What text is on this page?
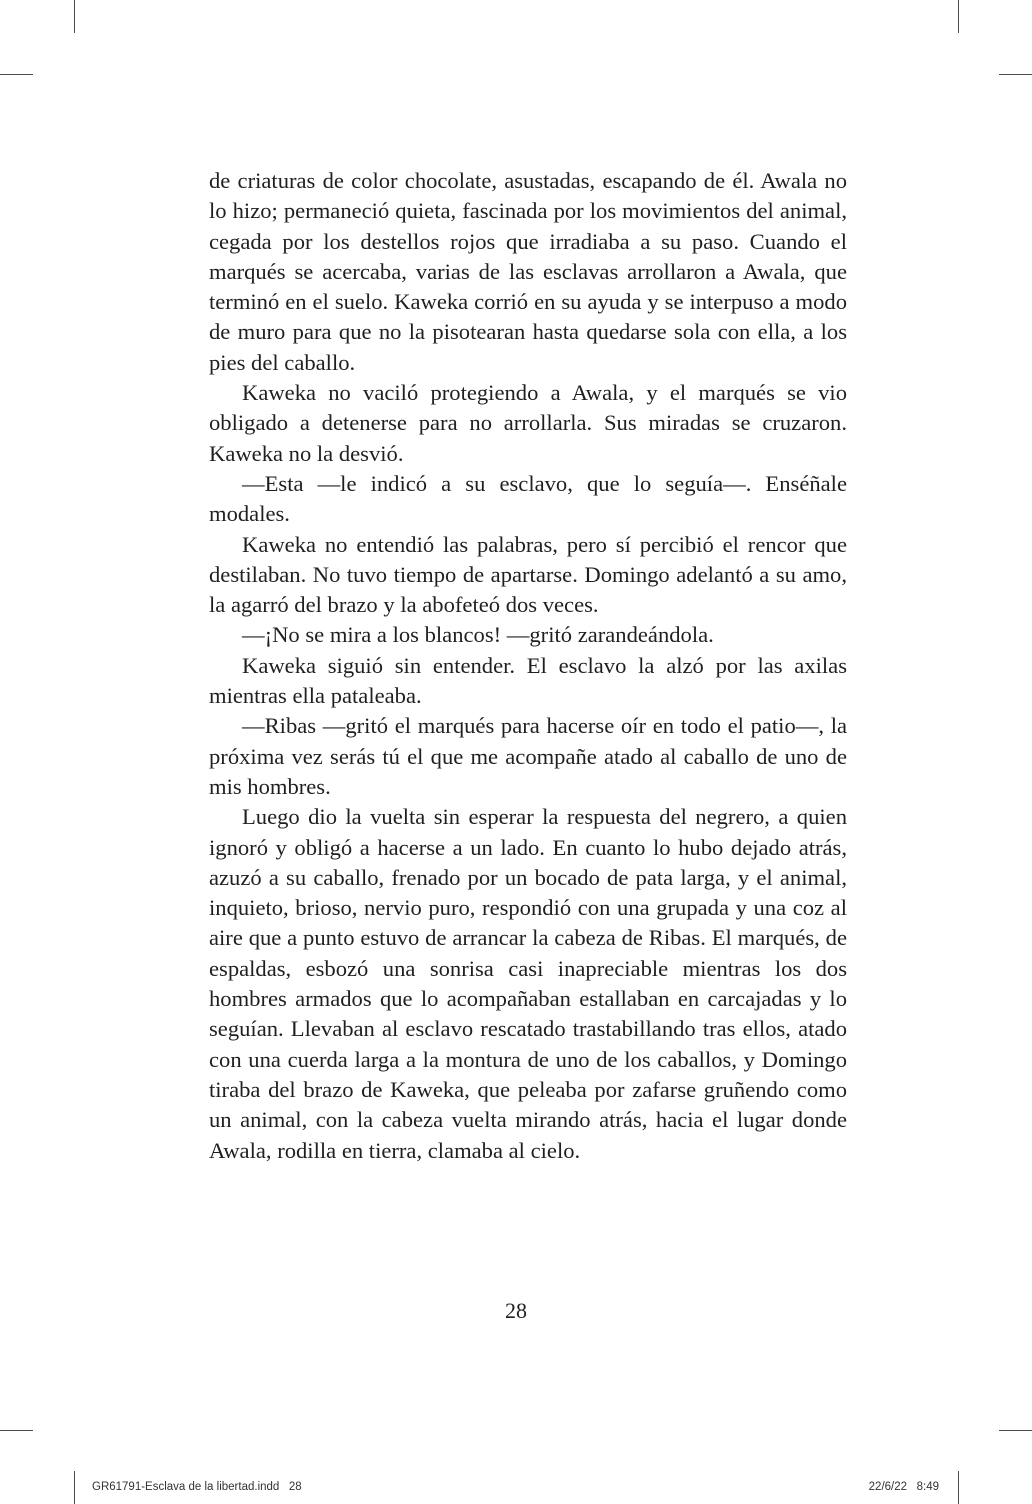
de criaturas de color chocolate, asustadas, escapando de él. Awala no lo hizo; permaneció quieta, fascinada por los movimientos del animal, cegada por los destellos rojos que irradiaba a su paso. Cuando el marqués se acercaba, varias de las esclavas arrollaron a Awala, que terminó en el suelo. Kaweka corrió en su ayuda y se interpuso a modo de muro para que no la pisotearan hasta quedarse sola con ella, a los pies del caballo.

Kaweka no vaciló protegiendo a Awala, y el marqués se vio obligado a detenerse para no arrollarla. Sus miradas se cruzaron. Kaweka no la desvió.

—Esta —le indicó a su esclavo, que lo seguía—. Enséñale modales.

Kaweka no entendió las palabras, pero sí percibió el rencor que destilaban. No tuvo tiempo de apartarse. Domingo adelantó a su amo, la agarró del brazo y la abofeteó dos veces.

—¡No se mira a los blancos! —gritó zarandeándola.

Kaweka siguió sin entender. El esclavo la alzó por las axilas mientras ella pataleaba.

—Ribas —gritó el marqués para hacerse oír en todo el patio—, la próxima vez serás tú el que me acompañe atado al caballo de uno de mis hombres.

Luego dio la vuelta sin esperar la respuesta del negrero, a quien ignoró y obligó a hacerse a un lado. En cuanto lo hubo dejado atrás, azuzó a su caballo, frenado por un bocado de pata larga, y el animal, inquieto, brioso, nervio puro, respondió con una grupada y una coz al aire que a punto estuvo de arrancar la cabeza de Ribas. El marqués, de espaldas, esbozó una sonrisa casi inapreciable mientras los dos hombres armados que lo acompañaban estallaban en carcajadas y lo seguían. Llevaban al esclavo rescatado trastabillando tras ellos, atado con una cuerda larga a la montura de uno de los caballos, y Domingo tiraba del brazo de Kaweka, que peleaba por zafarse gruñendo como un animal, con la cabeza vuelta mirando atrás, hacia el lugar donde Awala, rodilla en tierra, clamaba al cielo.

28
GR61791-Esclava de la libertad.indd   28	22/6/22   8:49
